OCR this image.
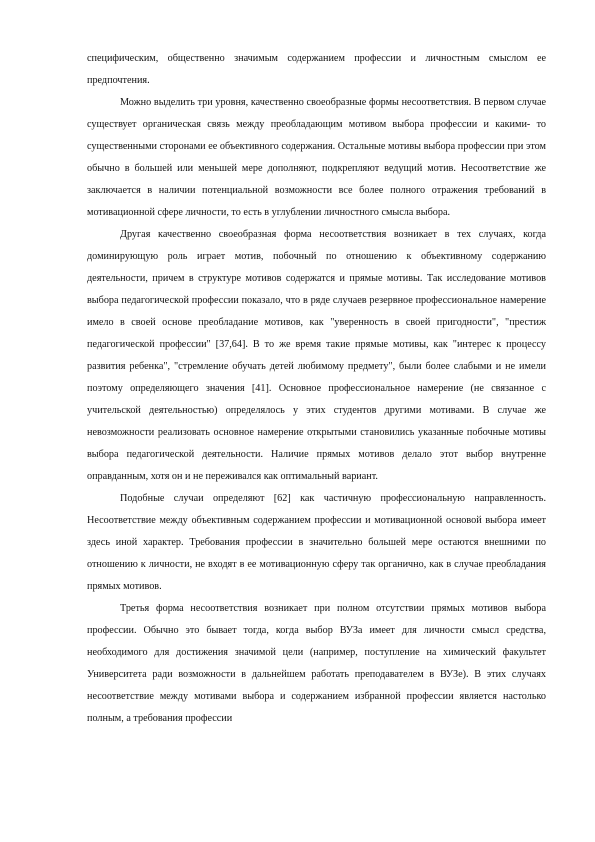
специфическим, общественно значимым содержанием профессии и личностным смыслом ее предпочтения.

Можно выделить три уровня, качественно своеобразные формы несоответствия. В первом случае существует органическая связь между преобладающим мотивом выбора профессии и какими- то существенными сторонами ее объективного содержания. Остальные мотивы выбора профессии при этом обычно в большей или меньшей мере дополняют, подкрепляют ведущий мотив. Несоответствие же заключается в наличии потенциальной возможности все более полного отражения требований в мотивационной сфере личности, то есть в углублении личностного смысла выбора.

Другая качественно своеобразная форма несоответствия возникает в тех случаях, когда доминирующую роль играет мотив, побочный по отношению к объективному содержанию деятельности, причем в структуре мотивов содержатся и прямые мотивы. Так исследование мотивов выбора педагогической профессии показало, что в ряде случаев резервное профессиональное намерение имело в своей основе преобладание мотивов, как "уверенность в своей пригодности", "престиж педагогической профессии" [37,64]. В то же время такие прямые мотивы, как "интерес к процессу развития ребенка", "стремление обучать детей любимому предмету", были более слабыми и не имели поэтому определяющего значения [41]. Основное профессиональное намерение (не связанное с учительской деятельностью) определялось у этих студентов другими мотивами. В случае же невозможности реализовать основное намерение открытыми становились указанные побочные мотивы выбора педагогической деятельности. Наличие прямых мотивов делало этот выбор внутренне оправданным, хотя он и не переживался как оптимальный вариант.

Подобные случаи определяют [62] как частичную профессиональную направленность. Несоответствие между объективным содержанием профессии и мотивационной основой выбора имеет здесь иной характер. Требования профессии в значительно большей мере остаются внешними по отношению к личности, не входят в ее мотивационную сферу так органично, как в случае преобладания прямых мотивов.

Третья форма несоответствия возникает при полном отсутствии прямых мотивов выбора профессии. Обычно это бывает тогда, когда выбор ВУЗа имеет для личности смысл средства, необходимого для достижения значимой цели (например, поступление на химический факультет Университета ради возможности в дальнейшем работать преподавателем в ВУЗе). В этих случаях несоответствие между мотивами выбора и содержанием избранной профессии является настолько полным, а требования профессии
